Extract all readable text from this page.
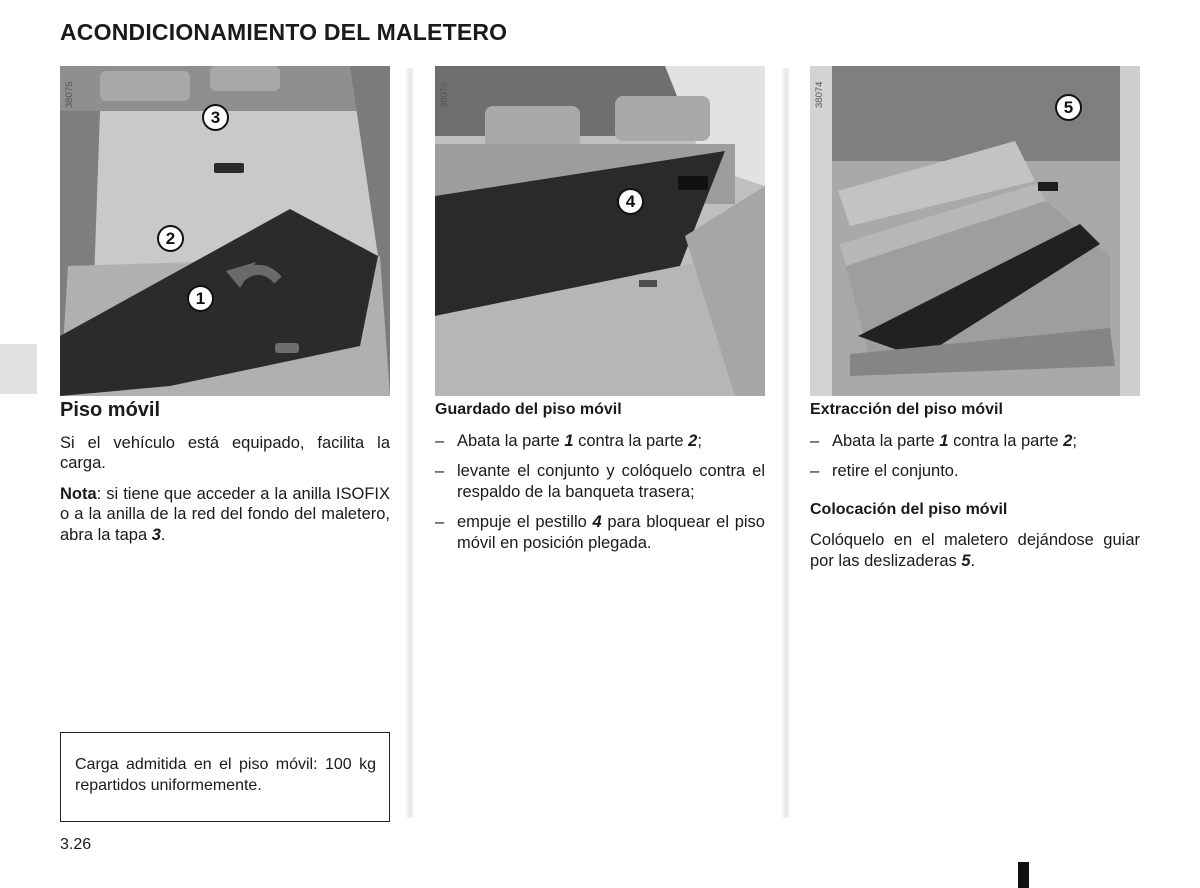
ACONDICIONAMIENTO DEL MALETERO
38075
3
2
1
38076
4
38074	5
Piso móvil
Si el vehículo está equipado, facilita la carga.
Nota: si tiene que acceder a la anilla ISOFIX o a la anilla de la red del fondo del maletero, abra la tapa 3.
Carga admitida en el piso móvil: 100 kg repartidos uniformemente.
Guardado del piso móvil
– Abata la parte 1 contra la parte 2;
– levante el conjunto y colóquelo contra el respaldo de la banqueta trasera;
– empuje el pestillo 4 para bloquear el piso móvil en posición plegada.
Extracción del piso móvil
– Abata la parte 1 contra la parte 2;
– retire el conjunto.
Colocación del piso móvil
Colóquelo en el maletero dejándose guiar por las deslizaderas 5.
3.26
